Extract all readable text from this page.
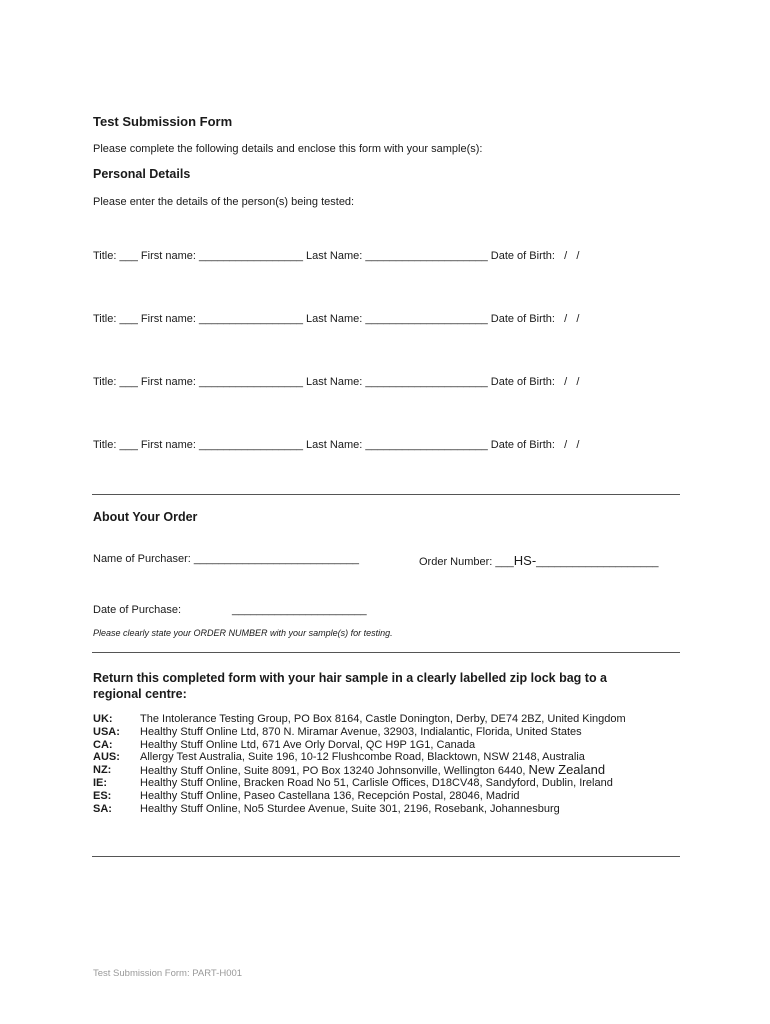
Test Submission Form
Please complete the following details and enclose this form with your sample(s):
Personal Details
Please enter the details of the person(s) being tested:
Title: ___ First name: _________________ Last Name: ____________________ Date of Birth:   /   /
Title: ___ First name: _________________ Last Name: ____________________ Date of Birth:   /   /
Title: ___ First name: _________________ Last Name: ____________________ Date of Birth:   /   /
Title: ___ First name: _________________ Last Name: ____________________ Date of Birth:   /   /
About Your Order
Name of Purchaser: ___________________________	Order Number: ___HS-____________________
Date of Purchase:	______________________
Please clearly state your ORDER NUMBER with your sample(s) for testing.
Return this completed form with your hair sample in a clearly labelled zip lock bag to a regional centre:
UK: The Intolerance Testing Group, PO Box 8164, Castle Donington, Derby, DE74 2BZ, United Kingdom
USA: Healthy Stuff Online Ltd, 870 N. Miramar Avenue, 32903, Indialantic, Florida, United States
CA: Healthy Stuff Online Ltd, 671 Ave Orly Dorval, QC H9P 1G1, Canada
AUS: Allergy Test Australia, Suite 196, 10-12 Flushcombe Road, Blacktown, NSW 2148, Australia
NZ:	Healthy Stuff Online, Suite 8091, PO Box 13240 Johnsonville, Wellington 6440, New Zealand
IE:	Healthy Stuff Online, Bracken Road No 51, Carlisle Offices, D18CV48, Sandyford, Dublin, Ireland
ES:	Healthy Stuff Online, Paseo Castellana 136, Recepción Postal, 28046, Madrid
SA:	Healthy Stuff Online, No5 Sturdee Avenue, Suite 301, 2196, Rosebank, Johannesburg
Test Submission Form: PART-H001
